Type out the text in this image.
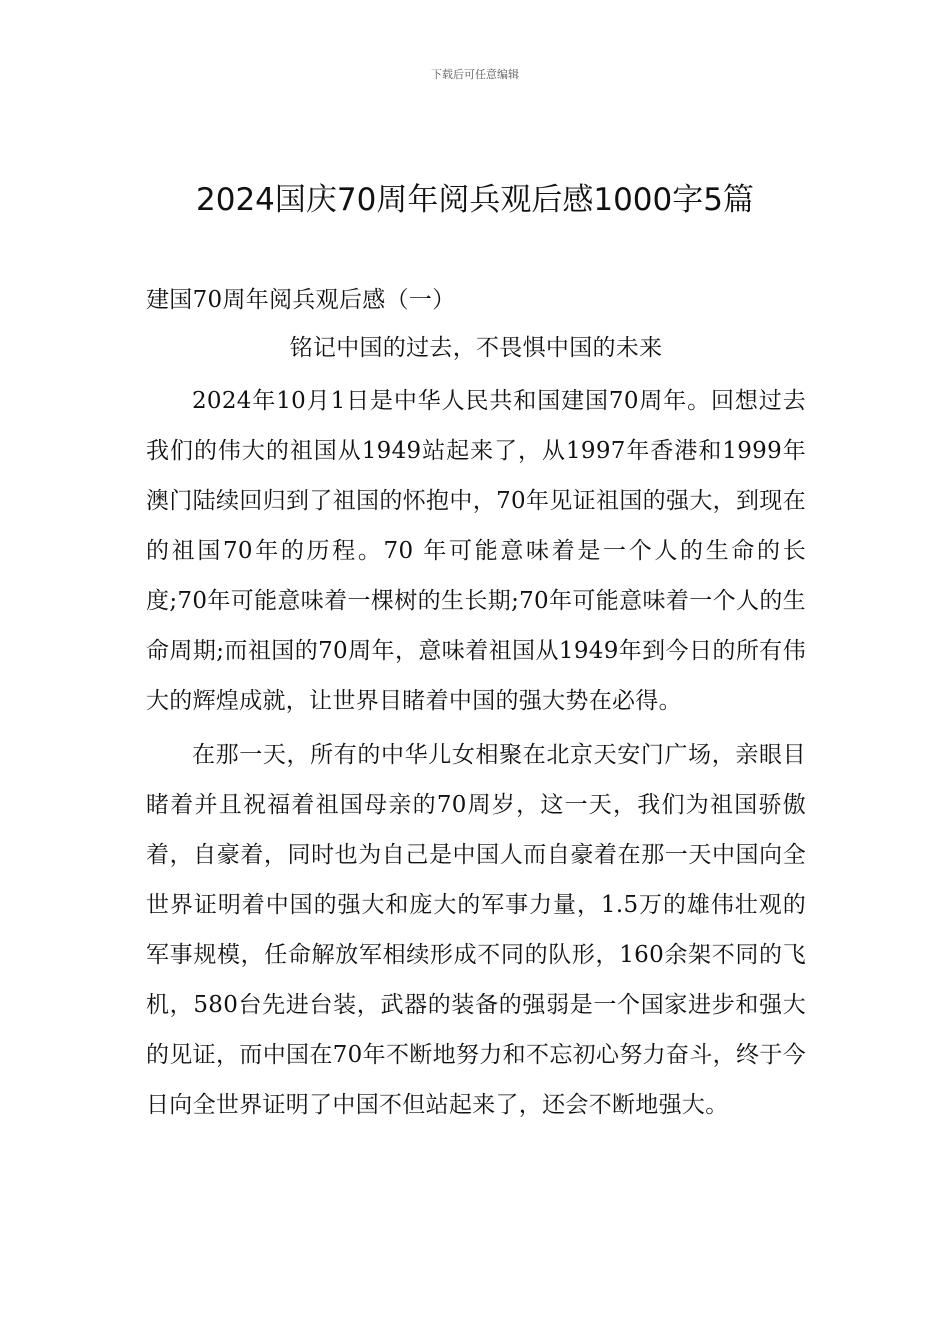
下载后可任意编辑
2024国庆70周年阅兵观后感1000字5篇
建国70周年阅兵观后感（一）
铭记中国的过去，不畏惧中国的未来

2024年10月1日是中华人民共和国建国70周年。回想过去我们的伟大的祖国从1949站起来了，从1997年香港和1999年澳门陆续回归到了祖国的怀抱中，70年见证祖国的强大，到现在的祖国70年的历程。70 年可能意味着是一个人的生命的长度;70年可能意味着一棵树的生长期;70年可能意味着一个人的生命周期;而祖国的70周年，意味着祖国从1949年到今日的所有伟大的辉煌成就，让世界目睹着中国的强大势在必得。

在那一天，所有的中华儿女相聚在北京天安门广场，亲眼目睹着并且祝福着祖国母亲的70周岁，这一天，我们为祖国骄傲着，自豪着，同时也为自己是中国人而自豪着在那一天中国向全世界证明着中国的强大和庞大的军事力量，1.5万的雄伟壮观的军事规模，任命解放军相续形成不同的队形，160余架不同的飞机，580台先进台装，武器的装备的强弱是一个国家进步和强大的见证，而中国在70年不断地努力和不忘初心努力奋斗，终于今日向全世界证明了中国不但站起来了，还会不断地强大。
